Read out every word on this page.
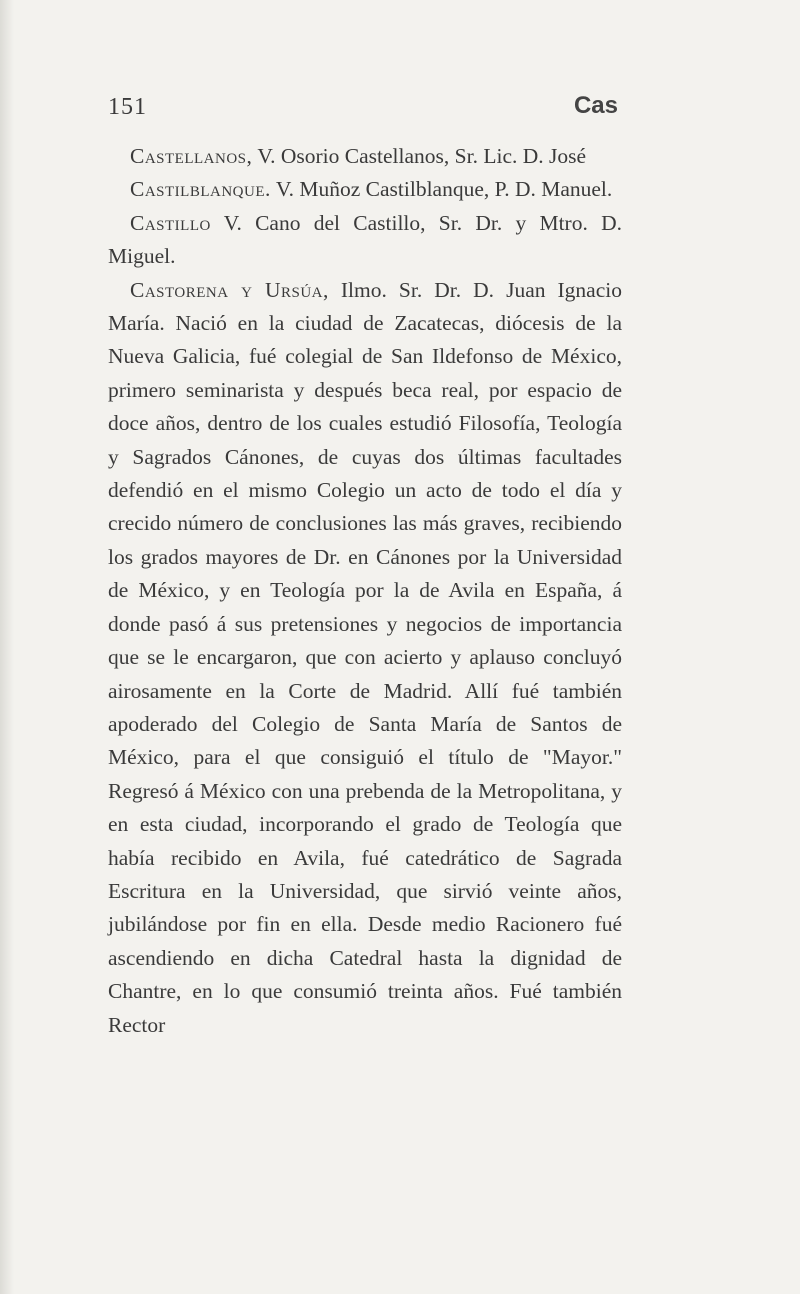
151	Cas

Castellanos, V. Osorio Castellanos, Sr. Lic. D. José

Castilblanque. V. Muñoz Castilblanque, P. D. Manuel.

Castillo V. Cano del Castillo, Sr. Dr. y Mtro. D. Miguel.

Castorena y Ursúa, Ilmo. Sr. Dr. D. Juan Ignacio María. Nació en la ciudad de Zacatecas, diócesis de la Nueva Galicia, fué colegial de San Ildefonso de México, primero seminarista y después beca real, por espacio de doce años, dentro de los cuales estudió Filosofía, Teología y Sagrados Cánones, de cuyas dos últimas facultades defendió en el mismo Colegio un acto de todo el día y crecido número de conclusiones las más graves, recibiendo los grados mayores de Dr. en Cánones por la Universidad de México, y en Teología por la de Avila en España, á donde pasó á sus pretensiones y negocios de importancia que se le encargaron, que con acierto y aplauso concluyó airosamente en la Corte de Madrid. Allí fué también apoderado del Colegio de Santa María de Santos de México, para el que consiguió el título de "Mayor." Regresó á México con una prebenda de la Metropolitana, y en esta ciudad, incorporando el grado de Teología que había recibido en Avila, fué catedrático de Sagrada Escritura en la Universidad, que sirvió veinte años, jubilándose por fin en ella. Desde medio Racionero fué ascendiendo en dicha Catedral hasta la dignidad de Chantre, en lo que consumió treinta años. Fué también Rector
